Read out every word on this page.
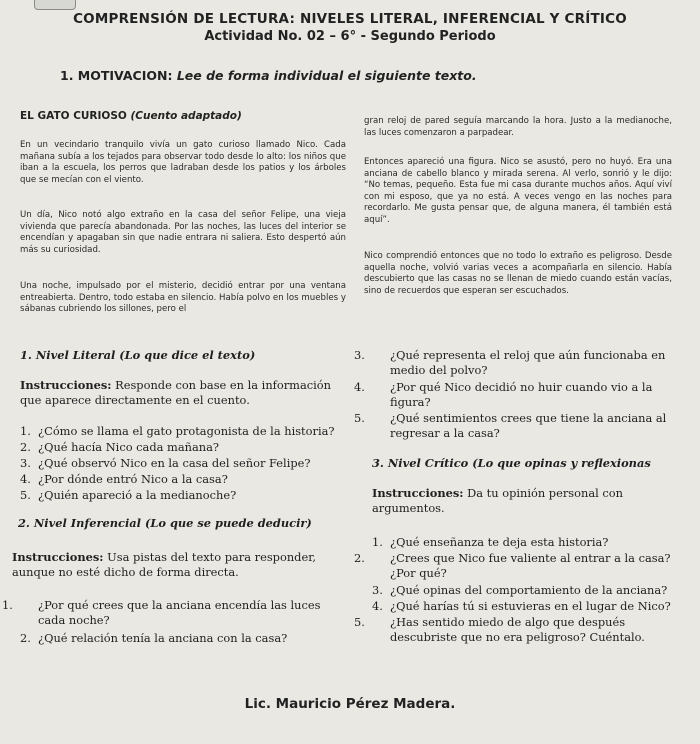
COMPRENSIÓN DE LECTURA: NIVELES LITERAL, INFERENCIAL Y CRÍTICO
Actividad No. 02 – 6° - Segundo Periodo
1. MOTIVACION: Lee de forma individual el siguiente texto.
EL GATO CURIOSO (Cuento adaptado)
En un vecindario tranquilo vivía un gato curioso llamado Nico. Cada mañana subía a los tejados para observar todo desde lo alto: los niños que iban a la escuela, los perros que ladraban desde los patios y los árboles que se mecían con el viento.
Un día, Nico notó algo extraño en la casa del señor Felipe, una vieja vivienda que parecía abandonada. Por las noches, las luces del interior se encendían y apagaban sin que nadie entrara ni saliera. Esto despertó aún más su curiosidad.
Una noche, impulsado por el misterio, decidió entrar por una ventana entreabierta. Dentro, todo estaba en silencio. Había polvo en los muebles y sábanas cubriendo los sillones, pero el
gran reloj de pared seguía marcando la hora. Justo a la medianoche, las luces comenzaron a parpadear.
Entonces apareció una figura. Nico se asustó, pero no huyó. Era una anciana de cabello blanco y mirada serena. Al verlo, sonrió y le dijo: “No temas, pequeño. Esta fue mi casa durante muchos años. Aquí viví con mi esposo, que ya no está. A veces vengo en las noches para recordarlo. Me gusta pensar que, de alguna manera, él también está aquí”.
Nico comprendió entonces que no todo lo extraño es peligroso. Desde aquella noche, volvió varias veces a acompañarla en silencio. Había descubierto que las casas no se llenan de miedo cuando están vacías, sino de recuerdos que esperan ser escuchados.
1. Nivel Literal (Lo que dice el texto)
Instrucciones: Responde con base en la información que aparece directamente en el cuento.
1. ¿Cómo se llama el gato protagonista de la historia?
2. ¿Qué hacía Nico cada mañana?
3. ¿Qué observó Nico en la casa del señor Felipe?
4. ¿Por dónde entró Nico a la casa?
5. ¿Quién apareció a la medianoche?
2. Nivel Inferencial (Lo que se puede deducir)
Instrucciones: Usa pistas del texto para responder, aunque no esté dicho de forma directa.
1. ¿Por qué crees que la anciana encendía las luces cada noche?
2. ¿Qué relación tenía la anciana con la casa?
3. ¿Qué representa el reloj que aún funcionaba en medio del polvo?
4. ¿Por qué Nico decidió no huir cuando vio a la figura?
5. ¿Qué sentimientos crees que tiene la anciana al regresar a la casa?
3. Nivel Crítico (Lo que opinas y reflexionas
Instrucciones: Da tu opinión personal con argumentos.
1. ¿Qué enseñanza te deja esta historia?
2. ¿Crees que Nico fue valiente al entrar a la casa? ¿Por qué?
3. ¿Qué opinas del comportamiento de la anciana?
4. ¿Qué harías tú si estuvieras en el lugar de Nico?
5. ¿Has sentido miedo de algo que después descubriste que no era peligroso? Cuéntalo.
Lic. Mauricio Pérez Madera.
